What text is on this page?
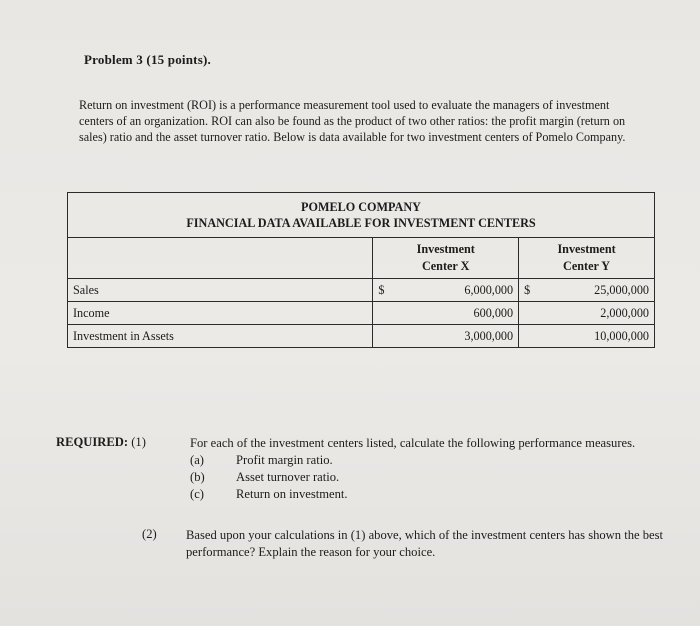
Problem 3 (15 points).
Return on investment (ROI) is a performance measurement tool used to evaluate the managers of investment centers of an organization. ROI can also be found as the product of two other ratios: the profit margin (return on sales) ratio and the asset turnover ratio. Below is data available for two investment centers of Pomelo Company.
POMELO COMPANY
FINANCIAL DATA AVAILABLE FOR INVESTMENT CENTERS				
	Investment
Center X		Investment
Center Y	
Sales	$	6,000,000	$	25,000,000
Income		600,000		2,000,000
Investment in Assets		3,000,000		10,000,000
REQUIRED: (1)	For each of the investment centers listed, calculate the following performance measures.
(a)	Profit margin ratio.
(b) Asset turnover ratio.
(c)	Return on investment.
(2) Based upon your calculations in (1) above, which of the investment centers has shown the best performance? Explain the reason for your choice.
